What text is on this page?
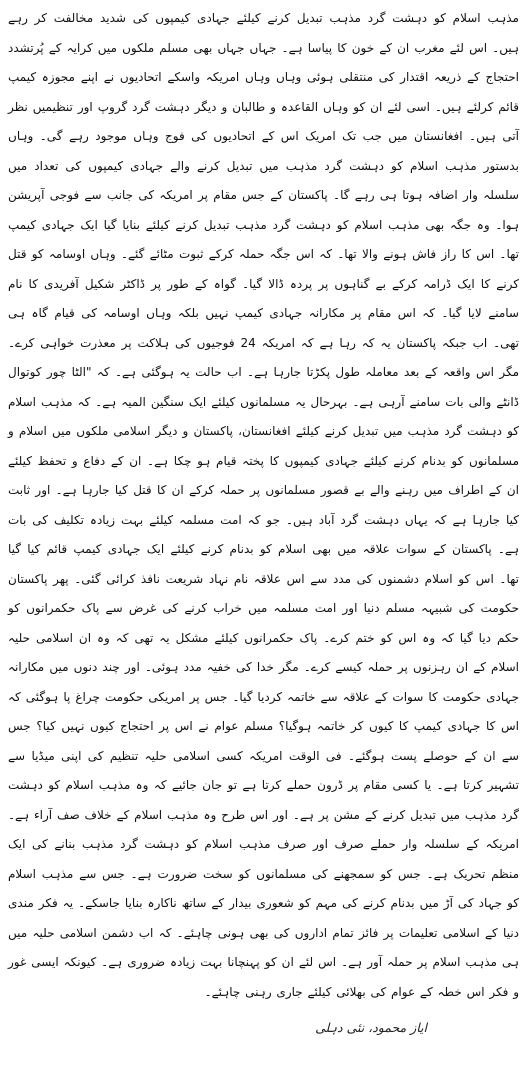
مذہب اسلام کو دہشت گرد مذہب تبدیل کرنے کیلئے جہادی کیمپوں کی شدید مخالفت کر رہے ہیں۔ اس لئے مغرب ان کے خون کا پیاسا ہے۔ جہاں جہاں بھی مسلم ملکوں میں کرایہ کے پُرتشدد احتجاج کے ذریعہ اقتدار کی منتقلی ہوئی وہاں وہاں امریکہ واسکے اتحادیوں نے اپنے مجوزہ کیمپ قائم کرلئے ہیں۔ اسی لئے ان کو وہاں القاعدہ و طالبان و دیگر دہشت گرد گروپ اور تنظیمیں نظر آتی ہیں۔ افغانستان میں جب تک امریک اس کے اتحادیوں کی فوج وہاں موجود رہے گی۔ وہاں بدستور مذہب اسلام کو دہشت گرد مذہب میں تبدیل کرنے والے جہادی کیمپوں کی تعداد میں سلسلہ وار اضافہ ہوتا ہی رہے گا۔ پاکستان کے جس مقام پر امریکہ کی جانب سے فوجی آپریشن ہوا۔ وہ جگہ بھی مذہب اسلام کو دہشت گرد مذہب تبدیل کرنے کیلئے بنایا گیا ایک جہادی کیمپ تھا۔ اس کا راز فاش ہونے والا تھا۔ کہ اس جگہ حملہ کرکے ثبوت مٹائے گئے۔ وہاں اوسامہ کو قتل کرنے کا ایک ڈرامہ کرکے بے گناہوں پر پردہ ڈالا گیا۔ گواہ کے طور پر ڈاکٹر شکیل آفریدی کا نام سامنے لایا گیا۔ کہ اس مقام پر مکارانہ جہادی کیمپ نہیں بلکہ وہاں اوسامہ کی قیام گاہ ہی تھی۔ اب جبکہ پاکستان یہ کہ رہا ہے کہ امریکہ 24 فوجیوں کی ہلاکت پر معذرت خواہی کرے۔ مگر اس واقعہ کے بعد معاملہ طول پکڑتا جارہا ہے۔ اب حالت یہ ہوگئی ہے۔ کہ "الٹا چور کوتوال ڈانٹے والی بات سامنے آرہی ہے۔ بہرحال یہ مسلمانوں کیلئے ایک سنگین المیہ ہے۔ کہ مذہب اسلام کو دہشت گرد مذہب میں تبدیل کرنے کیلئے افغانستان، پاکستان و دیگر اسلامی ملکوں میں اسلام و مسلمانوں کو بدنام کرنے کیلئے جہادی کیمپوں کا پختہ قیام ہو چکا ہے۔ ان کے دفاع و تحفظ کیلئے ان کے اطراف میں رہنے والے بے قصور مسلمانوں پر حملہ کرکے ان کا قتل کیا جارہا ہے۔ اور ثابت کیا جارہا ہے کہ یہاں دہشت گرد آباد ہیں۔ جو کہ امت مسلمہ کیلئے بہت زیادہ تکلیف کی بات ہے۔ پاکستان کے سوات علاقہ میں بھی اسلام کو بدنام کرنے کیلئے ایک جہادی کیمپ قائم کیا گیا تھا۔ اس کو اسلام دشمنوں کی مدد سے اس علاقہ نام نہاد شریعت نافذ کرائی گئی۔ پھر پاکستان حکومت کی شبیہہ مسلم دنیا اور امت مسلمہ میں خراب کرنے کی غرض سے پاک حکمرانوں کو حکم دیا گیا کہ وہ اس کو ختم کرے۔ پاک حکمرانوں کیلئے مشکل یہ تھی کہ وہ ان اسلامی حلیہ اسلام کے ان رہزنوں پر حملہ کیسے کرے۔ مگر خدا کی خفیہ مدد ہوئی۔ اور چند دنوں میں مکارانہ جہادی حکومت کا سوات کے علاقہ سے خاتمہ کردیا گیا۔ جس پر امریکی حکومت چراغ پا ہوگئی کہ اس کا جہادی کیمپ کا کیوں کر خاتمہ ہوگیا؟ مسلم عوام نے اس پر احتجاج کیوں نہیں کیا؟ جس سے ان کے حوصلے پست ہوگئے۔ فی الوقت امریکہ کسی اسلامی حلیہ تنظیم کی اپنی میڈیا سے تشہیر کرتا ہے۔ یا کسی مقام پر ڈرون حملے کرتا ہے تو جان جائیے کہ وہ مذہب اسلام کو دہشت گرد مذہب میں تبدیل کرنے کے مشن پر ہے۔ اور اس طرح وہ مذہب اسلام کے خلاف صف آراء ہے۔ امریکہ کے سلسلہ وار حملے صرف اور صرف مذہب اسلام کو دہشت گرد مذہب بنانے کی ایک منظم تحریک ہے۔ جس کو سمجھنے کی مسلمانوں کو سخت ضرورت ہے۔ جس سے مذہب اسلام کو جہاد کی آڑ میں بدنام کرنے کی مہم کو شعوری بیدار کے ساتھ ناکارہ بنایا جاسکے۔ یہ فکر مندی دنیا کے اسلامی تعلیمات پر فائز تمام اداروں کی بھی ہونی چاہئے۔ کہ اب دشمن اسلامی حلیہ میں ہی مذہب اسلام پر حملہ آور ہے۔ اس لئے ان کو پہنچانا بہت زیادہ ضروری ہے۔ کیونکہ ایسی غور و فکر اس خطہ کے عوام کی بھلائی کیلئے جاری رہنی چاہئے۔

ایاز محمود، نئی دہلی
